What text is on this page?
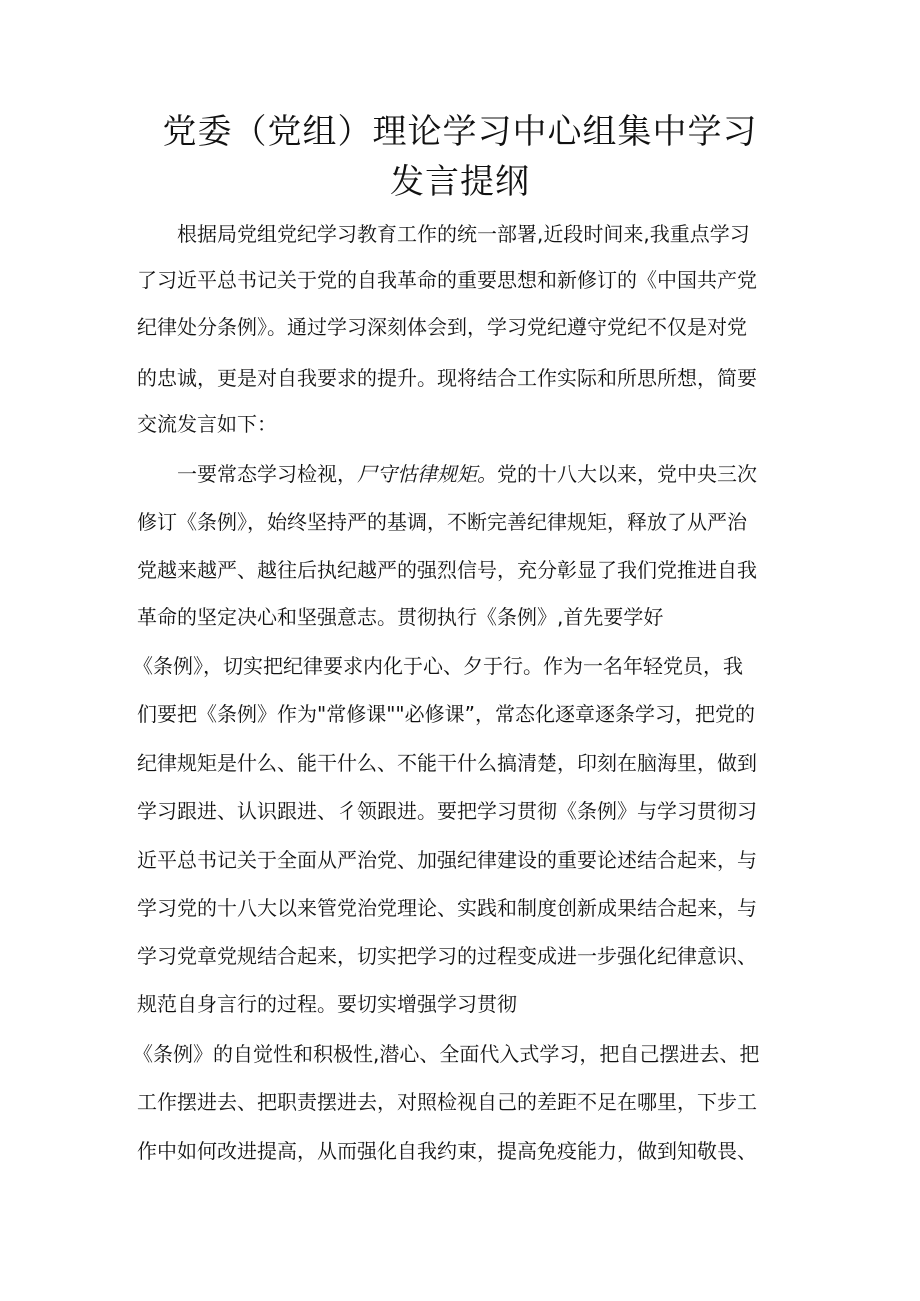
党委（党组）理论学习中心组集中学习
发言提纲

根据局党组党纪学习教育工作的统一部署,近段时间来,我重点学习

了习近平总书记关于党的自我革命的重要思想和新修订的《中国共产党

纪律处分条例》。通过学习深刻体会到，学习党纪遵守党纪不仅是对党

的忠诚，更是对自我要求的提升。现将结合工作实际和所思所想，简要

交流发言如下：

一要常态学习检视，尸守怙律规矩。党的十八大以来，党中央三次

修订《条例》，始终坚持严的基调，不断完善纪律规矩，释放了从严治

党越来越严、越往后执纪越严的强烈信号，充分彰显了我们党推进自我

革命的坚定决心和坚强意志。贯彻执行《条例》,首先要学好

《条例》，切实把纪律要求内化于心、夕于行。作为一名年轻党员，我

们要把《条例》作为"常修课""必修课”，常态化逐章逐条学习，把党的

纪律规矩是什么、能干什么、不能干什么搞清楚，印刻在脑海里，做到

学习跟进、认识跟进、彳领跟进。要把学习贯彻《条例》与学习贯彻习

近平总书记关于全面从严治党、加强纪律建设的重要论述结合起来，与

学习党的十八大以来管党治党理论、实践和制度创新成果结合起来，与

学习党章党规结合起来，切实把学习的过程变成进一步强化纪律意识、

规范自身言行的过程。要切实增强学习贯彻

《条例》的自觉性和积极性,潜心、全面代入式学习，把自己摆进去、把

工作摆进去、把职责摆进去，对照检视自己的差距不足在哪里，下步工

作中如何改进提高，从而强化自我约束，提高免疫能力，做到知敬畏、
